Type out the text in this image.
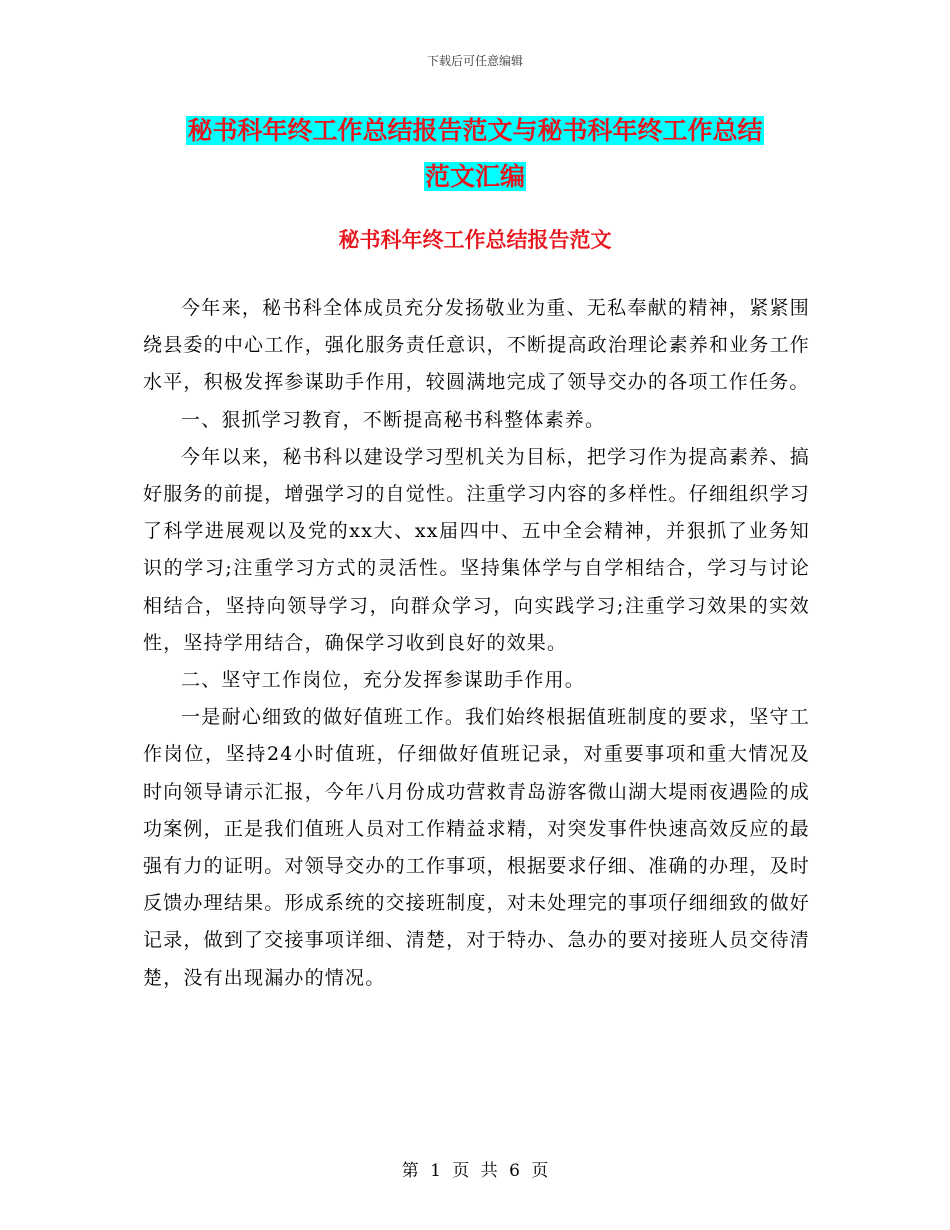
下载后可任意编辑
秘书科年终工作总结报告范文与秘书科年终工作总结
范文汇编
秘书科年终工作总结报告范文

今年来，秘书科全体成员充分发扬敬业为重、无私奉献的精神，紧紧围绕县委的中心工作，强化服务责任意识，不断提高政治理论素养和业务工作水平，积极发挥参谋助手作用，较圆满地完成了领导交办的各项工作任务。

一、狠抓学习教育，不断提高秘书科整体素养。

今年以来，秘书科以建设学习型机关为目标，把学习作为提高素养、搞好服务的前提，增强学习的自觉性。注重学习内容的多样性。仔细组织学习了科学进展观以及党的xx大、xx届四中、五中全会精神，并狠抓了业务知识的学习;注重学习方式的灵活性。坚持集体学与自学相结合，学习与讨论相结合，坚持向领导学习，向群众学习，向实践学习;注重学习效果的实效性，坚持学用结合，确保学习收到良好的效果。

二、坚守工作岗位，充分发挥参谋助手作用。

一是耐心细致的做好值班工作。我们始终根据值班制度的要求，坚守工作岗位，坚持24小时值班，仔细做好值班记录，对重要事项和重大情况及时向领导请示汇报，今年八月份成功营救青岛游客微山湖大堤雨夜遇险的成功案例，正是我们值班人员对工作精益求精，对突发事件快速高效反应的最强有力的证明。对领导交办的工作事项，根据要求仔细、准确的办理，及时反馈办理结果。形成系统的交接班制度，对未处理完的事项仔细细致的做好记录，做到了交接事项详细、清楚，对于特办、急办的要对接班人员交待清楚，没有出现漏办的情况。

第 1 页 共 6 页
